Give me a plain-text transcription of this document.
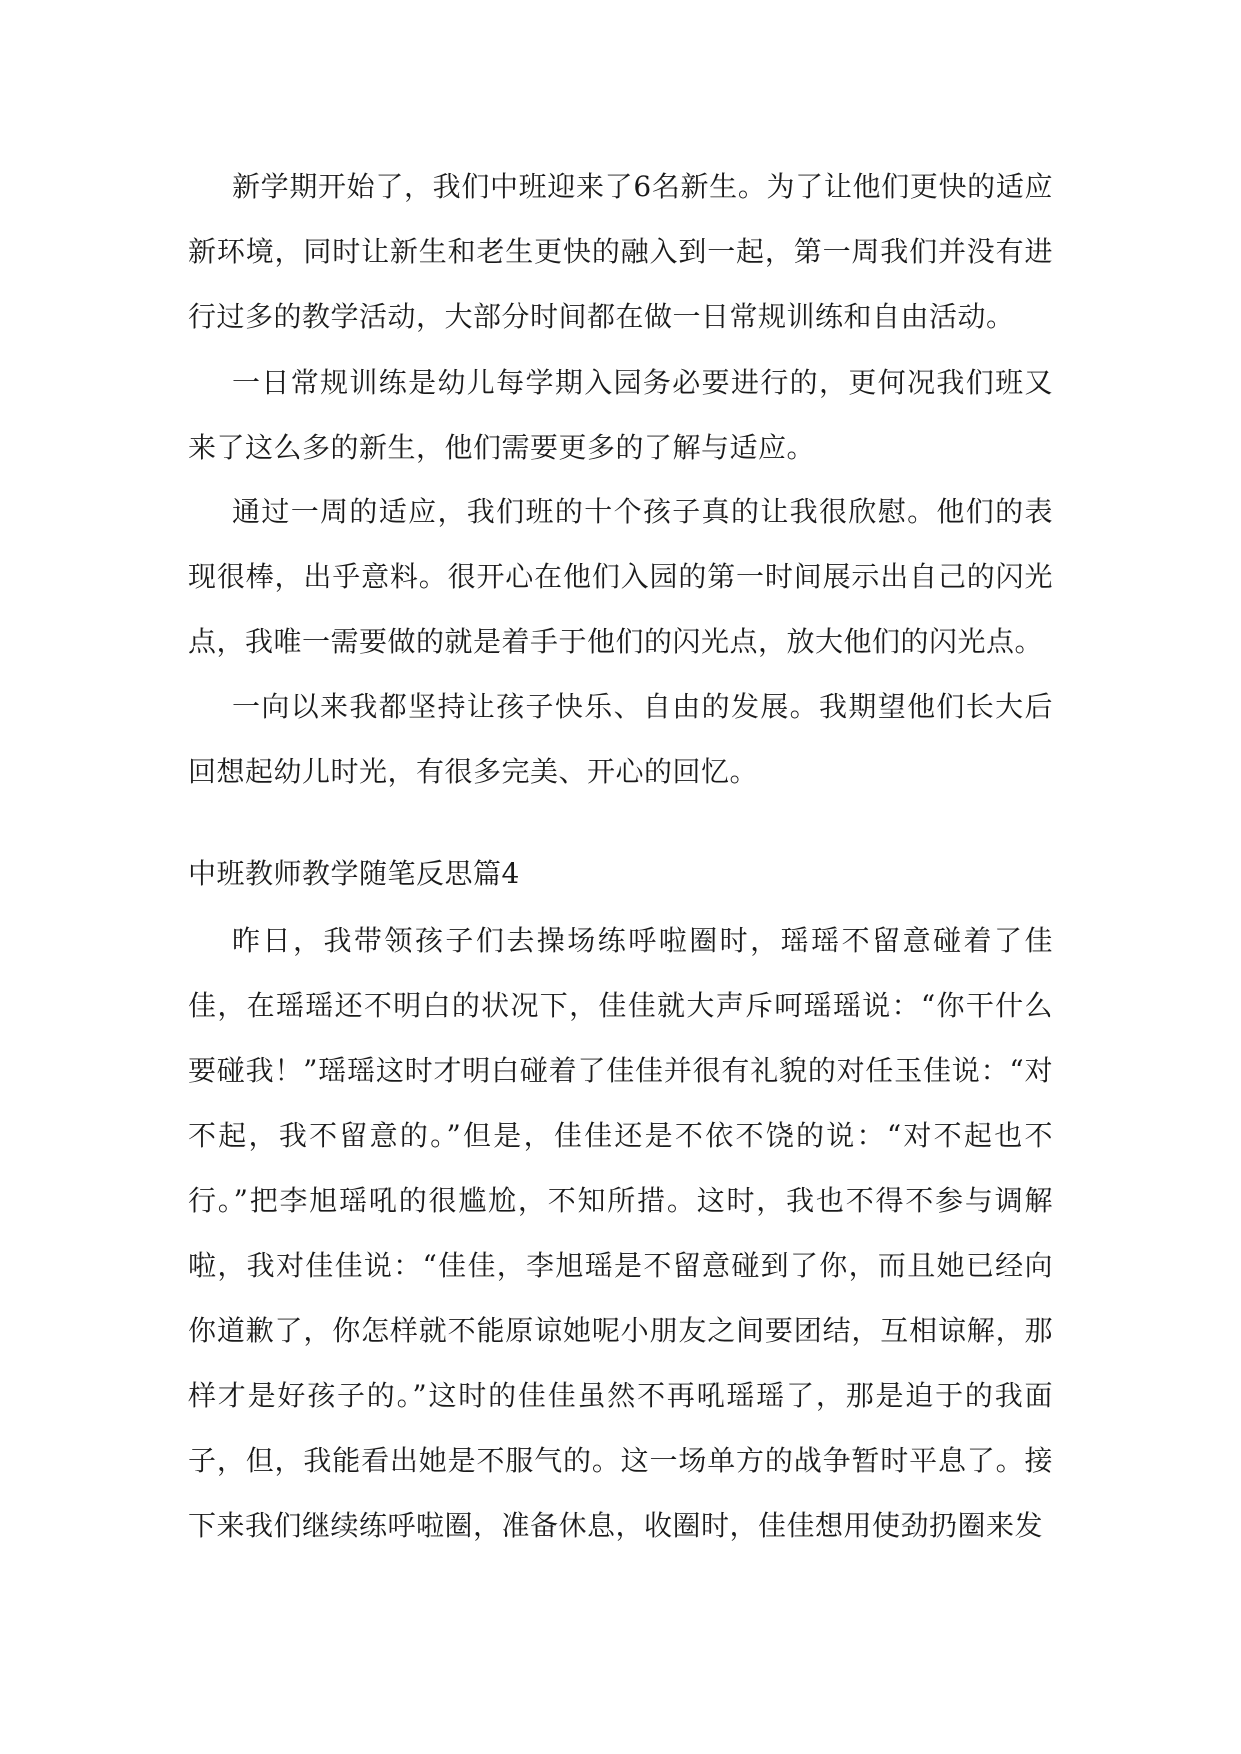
新学期开始了，我们中班迎来了6名新生。为了让他们更快的适应新环境，同时让新生和老生更快的融入到一起，第一周我们并没有进行过多的教学活动，大部分时间都在做一日常规训练和自由活动。

一日常规训练是幼儿每学期入园务必要进行的，更何况我们班又来了这么多的新生，他们需要更多的了解与适应。

通过一周的适应，我们班的十个孩子真的让我很欣慰。他们的表现很棒，出乎意料。很开心在他们入园的第一时间展示出自己的闪光点，我唯一需要做的就是着手于他们的闪光点，放大他们的闪光点。

一向以来我都坚持让孩子快乐、自由的发展。我期望他们长大后回想起幼儿时光，有很多完美、开心的回忆。

中班教师教学随笔反思篇4

昨日，我带领孩子们去操场练呼啦圈时，瑶瑶不留意碰着了佳佳，在瑶瑶还不明白的状况下，佳佳就大声斥呵瑶瑶说：“你干什么要碰我！”瑶瑶这时才明白碰着了佳佳并很有礼貌的对任玉佳说：“对不起，我不留意的。”但是，佳佳还是不依不饶的说：“对不起也不行。”把李旭瑶吼的很尴尬，不知所措。这时，我也不得不参与调解啦，我对佳佳说：“佳佳，李旭瑶是不留意碰到了你，而且她已经向你道歉了，你怎样就不能原谅她呢小朋友之间要团结，互相谅解，那样才是好孩子的。”这时的佳佳虽然不再吼瑶瑶了，那是迫于的我面子，但，我能看出她是不服气的。这一场单方的战争暂时平息了。接下来我们继续练呼啦圈，准备休息，收圈时，佳佳想用使劲扔圈来发
